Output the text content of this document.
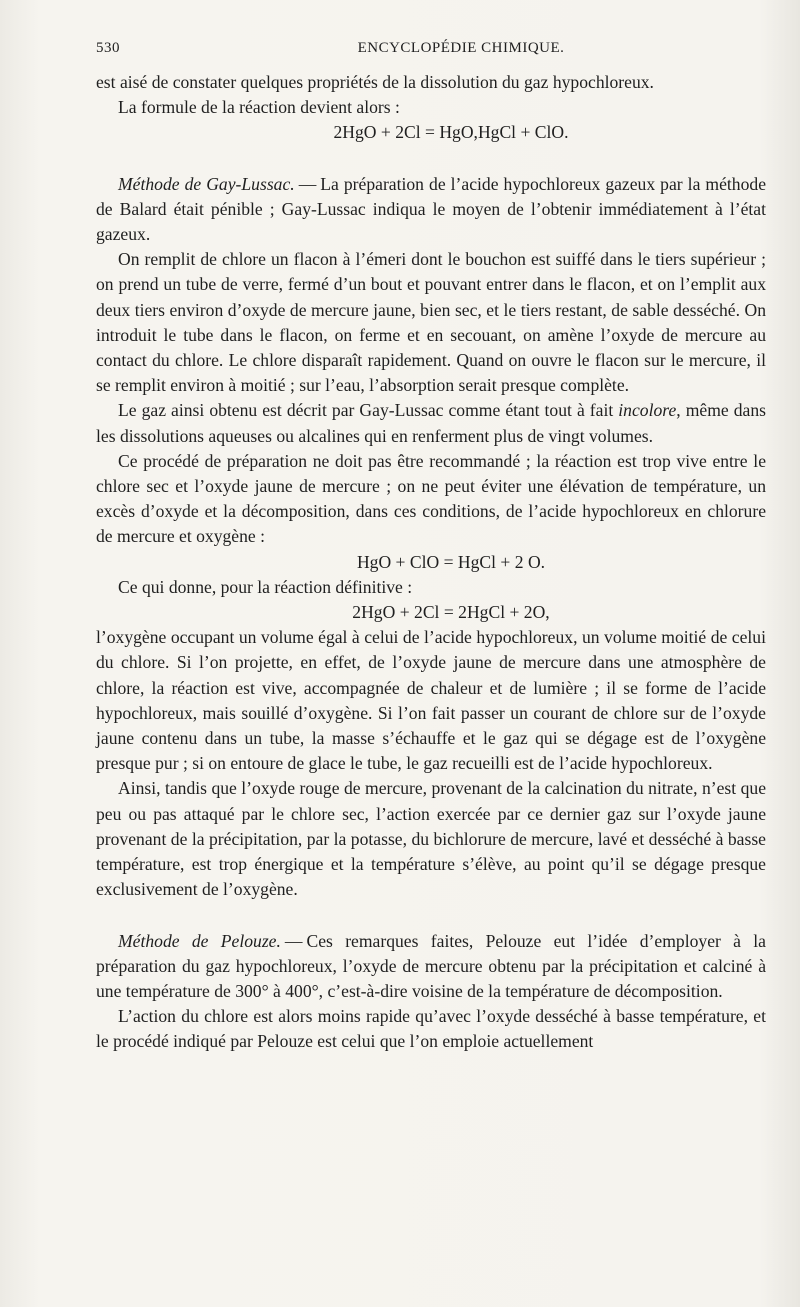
530	ENCYCLOPÉDIE CHIMIQUE.

est aisé de constater quelques propriétés de la dissolution du gaz hypochloreux.

La formule de la réaction devient alors :

2HgO + 2Cl = HgO,HgCl + ClO.

Méthode de Gay-Lussac. — La préparation de l’acide hypochloreux gazeux par la méthode de Balard était pénible ; Gay-Lussac indiqua le moyen de l’obtenir immédiatement à l’état gazeux.

On remplit de chlore un flacon à l’émeri dont le bouchon est suiffé dans le tiers supérieur ; on prend un tube de verre, fermé d’un bout et pouvant entrer dans le flacon, et on l’emplit aux deux tiers environ d’oxyde de mercure jaune, bien sec, et le tiers restant, de sable desséché. On introduit le tube dans le flacon, on ferme et en secouant, on amène l’oxyde de mercure au contact du chlore. Le chlore disparaît rapidement. Quand on ouvre le flacon sur le mercure, il se remplit environ à moitié ; sur l’eau, l’absorption serait presque complète.

Le gaz ainsi obtenu est décrit par Gay-Lussac comme étant tout à fait incolore, même dans les dissolutions aqueuses ou alcalines qui en renferment plus de vingt volumes.

Ce procédé de préparation ne doit pas être recommandé ; la réaction est trop vive entre le chlore sec et l’oxyde jaune de mercure ; on ne peut éviter une élévation de température, un excès d’oxyde et la décomposition, dans ces conditions, de l’acide hypochloreux en chlorure de mercure et oxygène :

HgO + ClO = HgCl + 2 O.

Ce qui donne, pour la réaction définitive :

2HgO + 2Cl = 2HgCl + 2O,

l’oxygène occupant un volume égal à celui de l’acide hypochloreux, un volume moitié de celui du chlore. Si l’on projette, en effet, de l’oxyde jaune de mercure dans une atmosphère de chlore, la réaction est vive, accompagnée de chaleur et de lumière ; il se forme de l’acide hypochloreux, mais souillé d’oxygène. Si l’on fait passer un courant de chlore sur de l’oxyde jaune contenu dans un tube, la masse s’échauffe et le gaz qui se dégage est de l’oxygène presque pur ; si on entoure de glace le tube, le gaz recueilli est de l’acide hypochloreux.

Ainsi, tandis que l’oxyde rouge de mercure, provenant de la calcination du nitrate, n’est que peu ou pas attaqué par le chlore sec, l’action exercée par ce dernier gaz sur l’oxyde jaune provenant de la précipitation, par la potasse, du bichlorure de mercure, lavé et desséché à basse température, est trop énergique et la température s’élève, au point qu’il se dégage presque exclusivement de l’oxygène.

Méthode de Pelouze. — Ces remarques faites, Pelouze eut l’idée d’employer à la préparation du gaz hypochloreux, l’oxyde de mercure obtenu par la précipitation et calciné à une température de 300° à 400°, c’est-à-dire voisine de la température de décomposition.

L’action du chlore est alors moins rapide qu’avec l’oxyde desséché à basse température, et le procédé indiqué par Pelouze est celui que l’on emploie actuellement
